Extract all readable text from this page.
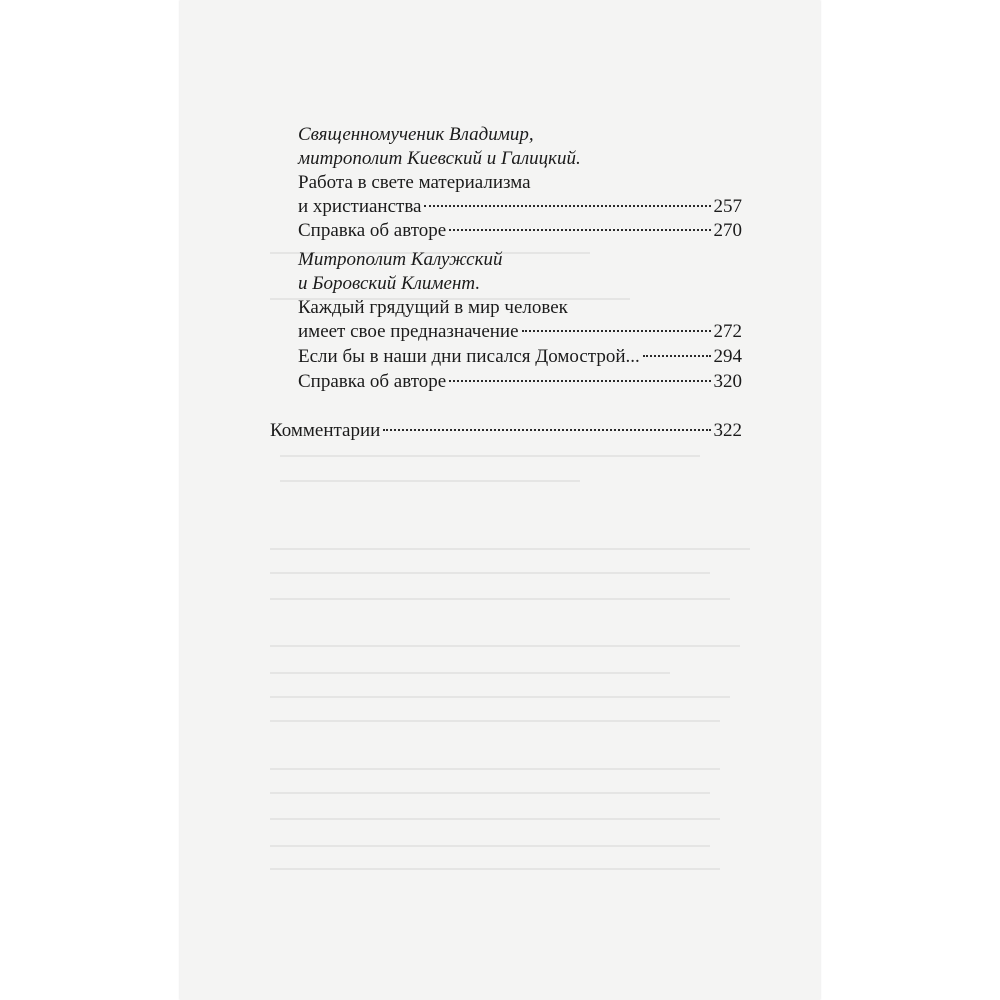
Священномученик Владимир,
митрополит Киевский и Галицкий.
Работа в свете материализма
и христианства	257
Справка об авторе	270
Митрополит Калужский
и Боровский Климент.
Каждый грядущий в мир человек
имеет свое предназначение	272
Если бы в наши дни писался Домострой...	294
Справка об авторе	320
Комментарии	322
